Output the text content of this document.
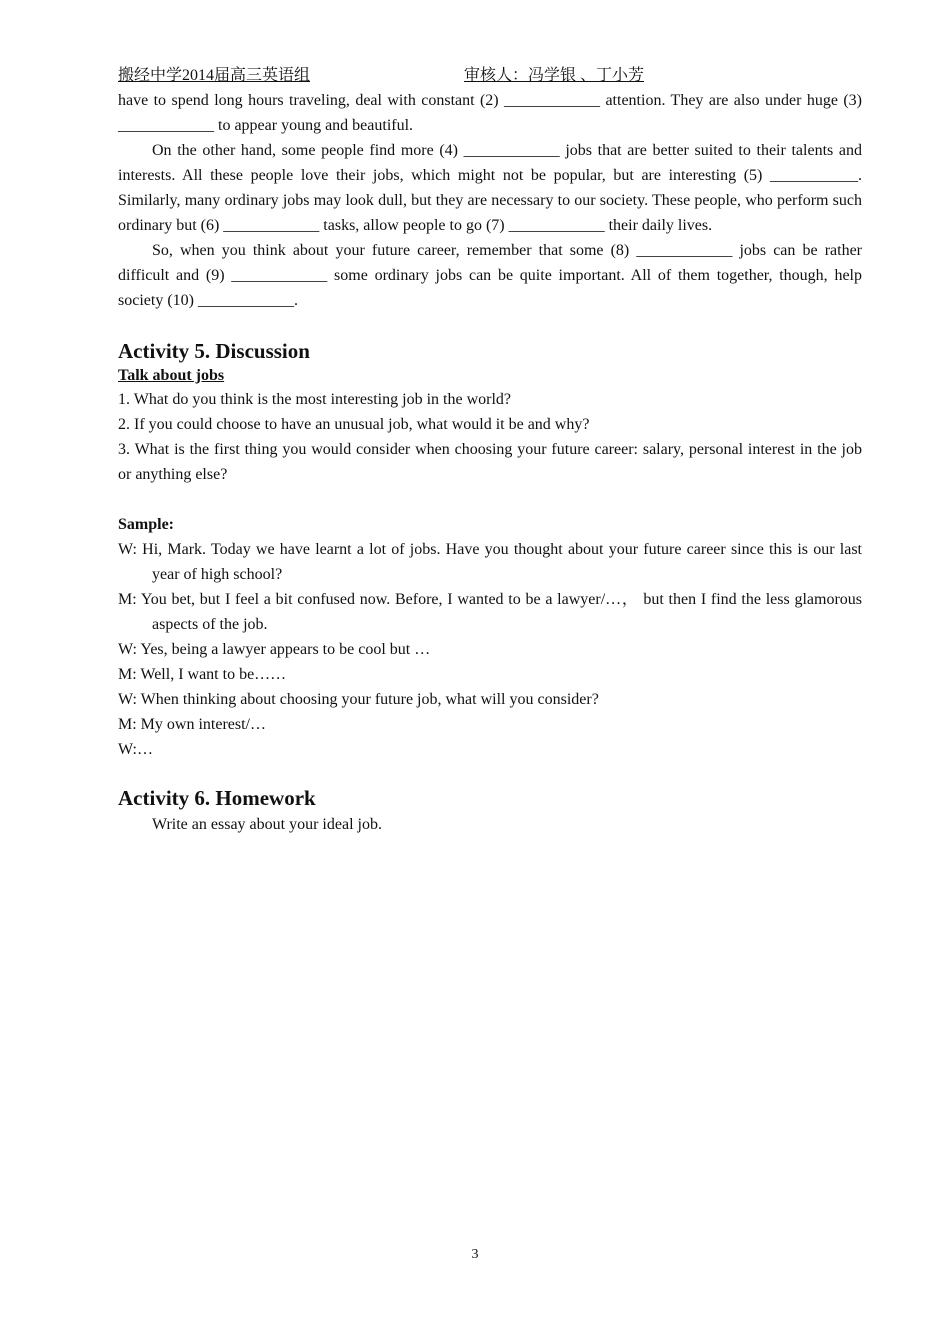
搬经中学2014届高三英语组	审核人：冯学银 、丁小芳

have to spend long hours traveling, deal with constant (2) ____________ attention. They are also under huge (3) ____________ to appear young and beautiful.

On the other hand, some people find more (4) ____________ jobs that are better suited to their talents and interests. All these people love their jobs, which might not be popular, but are interesting (5) ___________. Similarly, many ordinary jobs may look dull, but they are necessary to our society. These people, who perform such ordinary but (6) ____________ tasks, allow people to go (7) ____________ their daily lives.

So, when you think about your future career, remember that some (8) ____________ jobs can be rather difficult and (9) ____________ some ordinary jobs can be quite important. All of them together, though, help society (10) ____________.

Activity 5. Discussion
Talk about jobs

1. What do you think is the most interesting job in the world?

2. If you could choose to have an unusual job, what would it be and why?

3. What is the first thing you would consider when choosing your future career: salary, personal interest in the job or anything else?

Sample:

W: Hi, Mark. Today we have learnt a lot of jobs. Have you thought about your future career since this is our last year of high school?

M: You bet, but I feel a bit confused now. Before, I wanted to be a lawyer/…， but then I find the less glamorous aspects of the job.

W: Yes, being a lawyer appears to be cool but …

M: Well, I want to be……

W: When thinking about choosing your future job, what will you consider?

M: My own interest/…

W:…

Activity 6. Homework

Write an essay about your ideal job.

3
